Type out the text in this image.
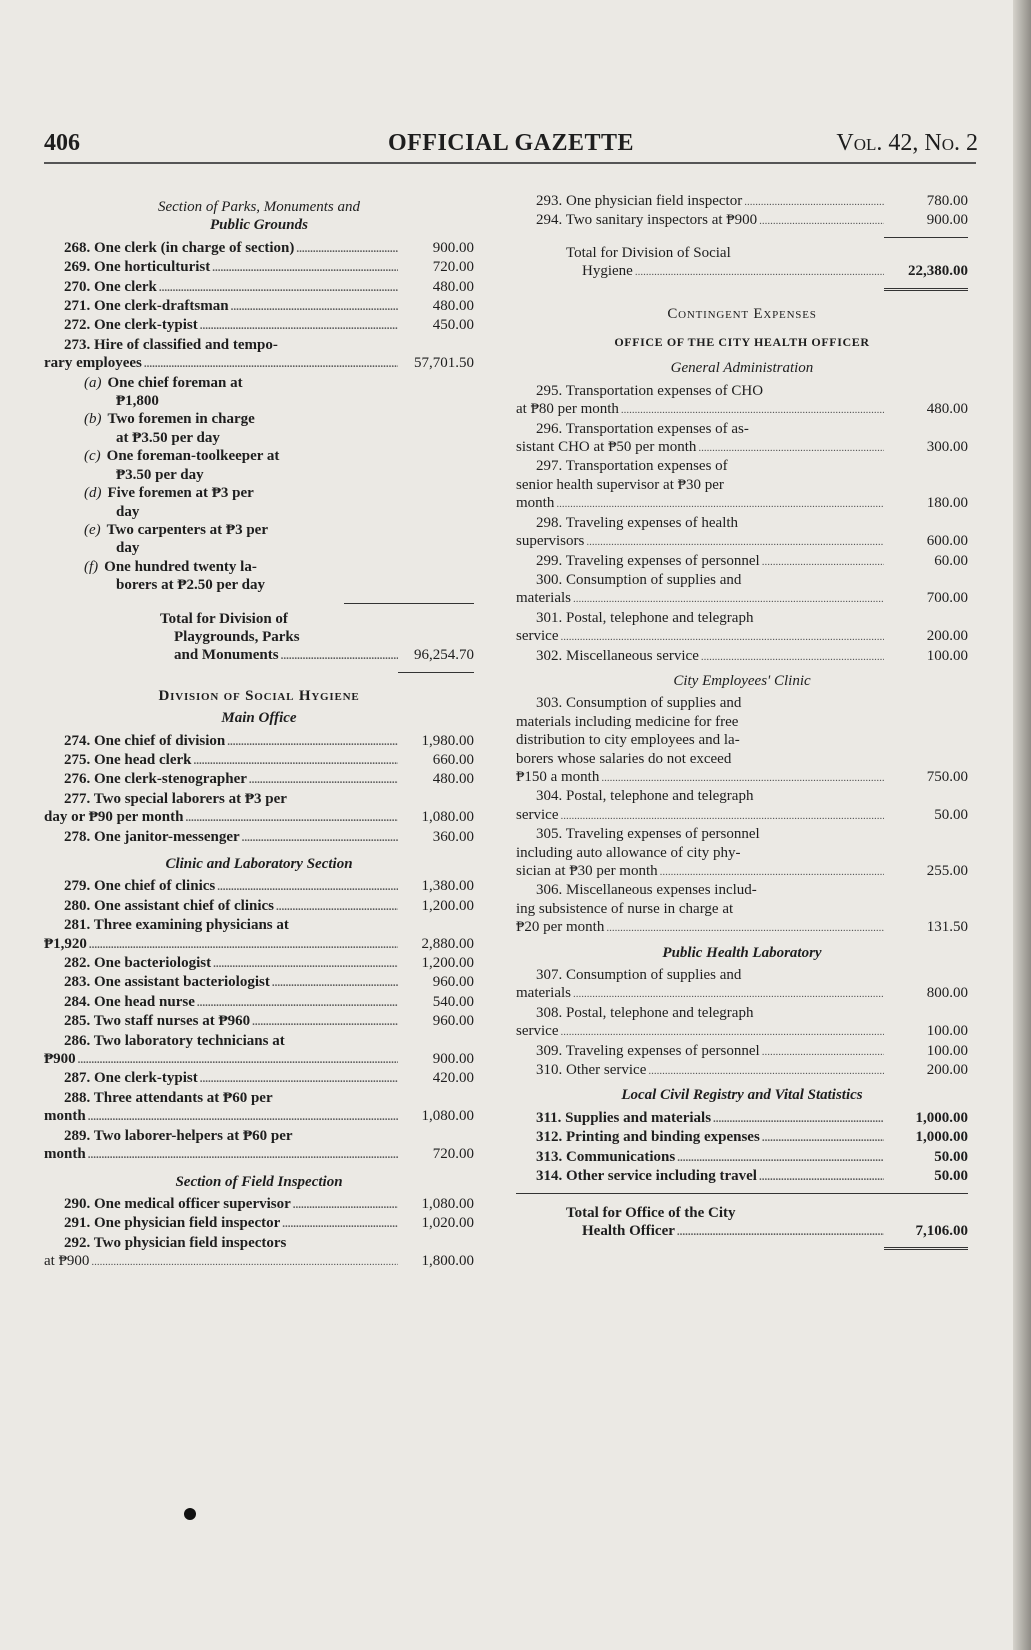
406	OFFICIAL GAZETTE	Vol. 42, No. 2
Section of Parks, Monuments and
Public Grounds
268. One clerk (in charge of section) .....	900.00
269. One horticulturist .....	720.00
270. One clerk .....	480.00
271. One clerk-draftsman .....	480.00
272. One clerk-typist .....	450.00
273. Hire of classified and tempo-
rary employees .....	57,701.50
(a) One chief foreman at
₱1,800
(b) Two foremen in charge
at ₱3.50 per day
(c) One foreman-toolkeeper at
₱3.50 per day
(d) Five foremen at ₱3 per
day
(e) Two carpenters at ₱3 per
day
(f) One hundred twenty la-
borers at ₱2.50 per day
Total for Division of
Playgrounds, Parks
and Monuments .....	96,254.70
Division of Social Hygiene
Main Office
274. One chief of division .....	1,980.00
275. One head clerk .....	660.00
276. One clerk-stenographer .....	480.00
277. Two special laborers at ₱3 per
day or ₱90 per month .....	1,080.00
278. One janitor-messenger .....	360.00
Clinic and Laboratory Section
279. One chief of clinics .....	1,380.00
280. One assistant chief of clinics .....	1,200.00
281. Three examining physicians at
₱1,920 .....	2,880.00
282. One bacteriologist .....	1,200.00
283. One assistant bacteriologist .....	960.00
284. One head nurse .....	540.00
285. Two staff nurses at ₱960 .....	960.00
286. Two laboratory technicians at
₱900 .....	900.00
287. One clerk-typist .....	420.00
288. Three attendants at ₱60 per
month .....	1,080.00
289. Two laborer-helpers at ₱60 per
month .....	720.00
Section of Field Inspection
290. One medical officer supervisor .....	1,080.00
291. One physician field inspector .....	1,020.00
292. Two physician field inspectors
at ₱900 .....	1,800.00
293. One physician field inspector .....	780.00
294. Two sanitary inspectors at ₱900 .....	900.00
Total for Division of Social
Hygiene .....	22,380.00
Contingent Expenses
OFFICE OF THE CITY HEALTH OFFICER
General Administration
295. Transportation expenses of CHO
at ₱80 per month .....	480.00
296. Transportation expenses of as-
sistant CHO at ₱50 per month .....	300.00
297. Transportation expenses of
senior health supervisor at ₱30 per
month .....	180.00
298. Traveling expenses of health
supervisors .....	600.00
299. Traveling expenses of personnel .....	60.00
300. Consumption of supplies and
materials .....	700.00
301. Postal, telephone and telegraph
service .....	200.00
302. Miscellaneous service .....	100.00
City Employees' Clinic
303. Consumption of supplies and
materials including medicine for free
distribution to city employees and la-
borers whose salaries do not exceed
₱150 a month .....	750.00
304. Postal, telephone and telegraph
service .....	50.00
305. Traveling expenses of personnel
including auto allowance of city phy-
sician at ₱30 per month .....	255.00
306. Miscellaneous expenses includ-
ing subsistence of nurse in charge at
₱20 per month .....	131.50
Public Health Laboratory
307. Consumption of supplies and
materials .....	800.00
308. Postal, telephone and telegraph
service .....	100.00
309. Traveling expenses of personnel .....	100.00
310. Other service .....	200.00
Local Civil Registry and Vital Statistics
311. Supplies and materials .....	1,000.00
312. Printing and binding expenses .....	1,000.00
313. Communications .....	50.00
314. Other service including travel .....	50.00
Total for Office of the City
Health Officer .....	7,106.00
